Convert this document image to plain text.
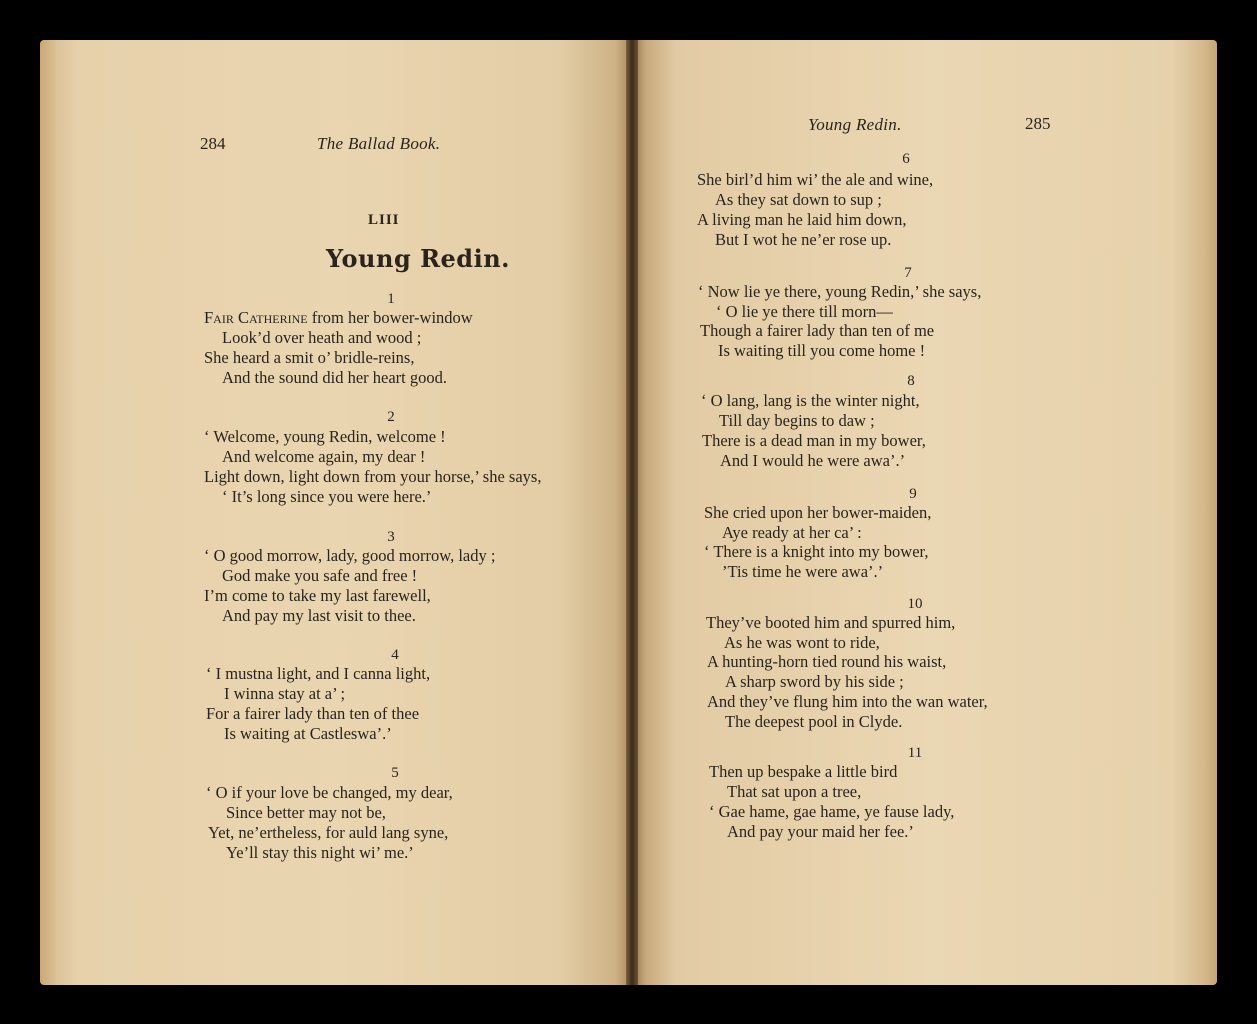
284	The Ballad Book.
LIII
Young Redin.
1
Fair Catherine from her bower-window
Look’d over heath and wood ;
She heard a smit o’ bridle-reins,
And the sound did her heart good.
2
‘ Welcome, young Redin, welcome !
And welcome again, my dear !
Light down, light down from your horse,’ she says,
‘ It’s long since you were here.’
3
‘ O good morrow, lady, good morrow, lady ;
God make you safe and free !
I’m come to take my last farewell,
And pay my last visit to thee.
4
‘ I mustna light, and I canna light,
I winna stay at a’ ;
For a fairer lady than ten of thee
Is waiting at Castleswa’.’
5
‘ O if your love be changed, my dear,
Since better may not be,
Yet, ne’ertheless, for auld lang syne,
Ye’ll stay this night wi’ me.’
Young Redin.	285
6
She birl’d him wi’ the ale and wine,
As they sat down to sup ;
A living man he laid him down,
But I wot he ne’er rose up.
7
‘ Now lie ye there, young Redin,’ she says,
‘ O lie ye there till morn—
Though a fairer lady than ten of me
Is waiting till you come home !
8
‘ O lang, lang is the winter night,
Till day begins to daw ;
There is a dead man in my bower,
And I would he were awa’.’
9
She cried upon her bower-maiden,
Aye ready at her ca’ :
‘ There is a knight into my bower,
’Tis time he were awa’.’
10
They’ve booted him and spurred him,
As he was wont to ride,
A hunting-horn tied round his waist,
A sharp sword by his side ;
And they’ve flung him into the wan water,
The deepest pool in Clyde.
11
Then up bespake a little bird
That sat upon a tree,
‘ Gae hame, gae hame, ye fause lady,
And pay your maid her fee.’
